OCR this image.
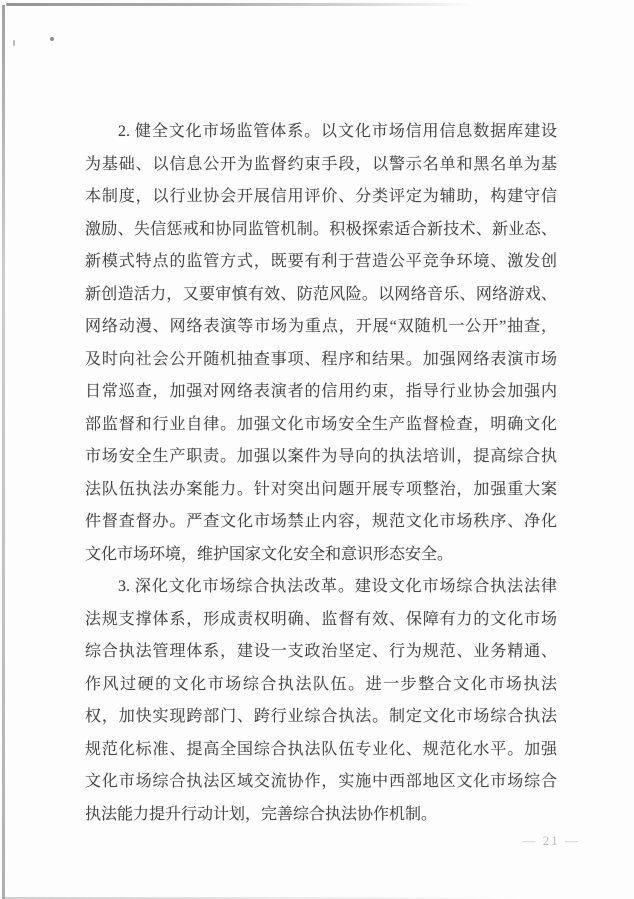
2. 健全文化市场监管体系。以文化市场信用信息数据库建设
为基础、以信息公开为监督约束手段，以警示名单和黑名单为基
本制度，以行业协会开展信用评价、分类评定为辅助，构建守信
激励、失信惩戒和协同监管机制。积极探索适合新技术、新业态、
新模式特点的监管方式，既要有利于营造公平竞争环境、激发创
新创造活力，又要审慎有效、防范风险。以网络音乐、网络游戏、
网络动漫、网络表演等市场为重点，开展“双随机一公开”抽查，
及时向社会公开随机抽查事项、程序和结果。加强网络表演市场
日常巡查，加强对网络表演者的信用约束，指导行业协会加强内
部监督和行业自律。加强文化市场安全生产监督检查，明确文化
市场安全生产职责。加强以案件为导向的执法培训，提高综合执
法队伍执法办案能力。针对突出问题开展专项整治，加强重大案
件督查督办。严查文化市场禁止内容，规范文化市场秩序、净化
文化市场环境，维护国家文化安全和意识形态安全。
3. 深化文化市场综合执法改革。建设文化市场综合执法法律
法规支撑体系，形成责权明确、监督有效、保障有力的文化市场
综合执法管理体系，建设一支政治坚定、行为规范、业务精通、
作风过硬的文化市场综合执法队伍。进一步整合文化市场执法
权，加快实现跨部门、跨行业综合执法。制定文化市场综合执法
规范化标准、提高全国综合执法队伍专业化、规范化水平。加强
文化市场综合执法区域交流协作，实施中西部地区文化市场综合
执法能力提升行动计划，完善综合执法协作机制。
— 21 —
